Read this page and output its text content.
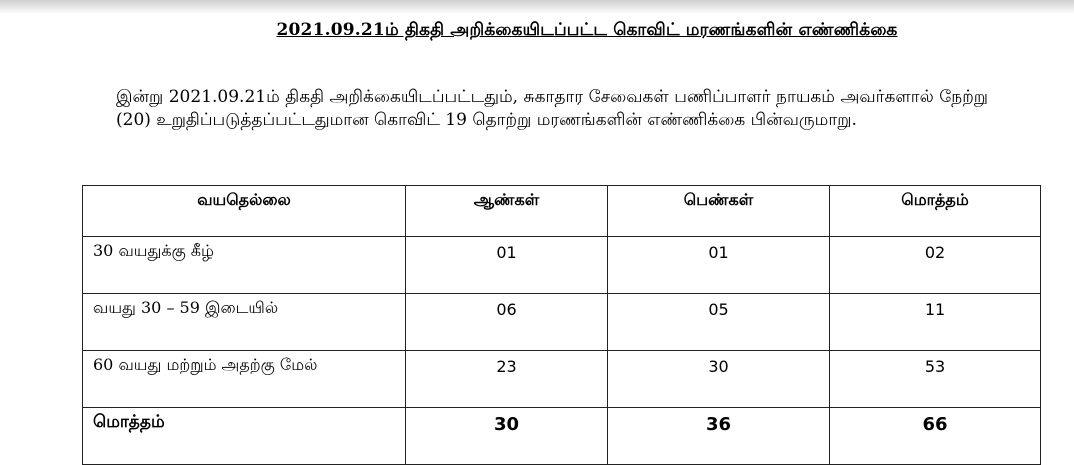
2021.09.21ம் திகதி அறிக்கையிடப்பட்ட கொவிட் மரணங்களின் எண்ணிக்கை
இன்று 2021.09.21ம் திகதி அறிக்கையிடப்பட்டதும், சுகாதார சேவைகள் பணிப்பாளர் நாயகம் அவர்களால் நேற்று (20) உறுதிப்படுத்தப்பட்டதுமான கொவிட் 19 தொற்று மரணங்களின் எண்ணிக்கை பின்வருமாறு.
வயதெல்லை	ஆண்கள்	பெண்கள்	மொத்தம்
30 வயதுக்கு கீழ்	01	01	02
வயது 30 – 59 இடையில்	06	05	11
60 வயது மற்றும் அதற்கு மேல்	23	30	53
மொத்தம்	30	36	66
